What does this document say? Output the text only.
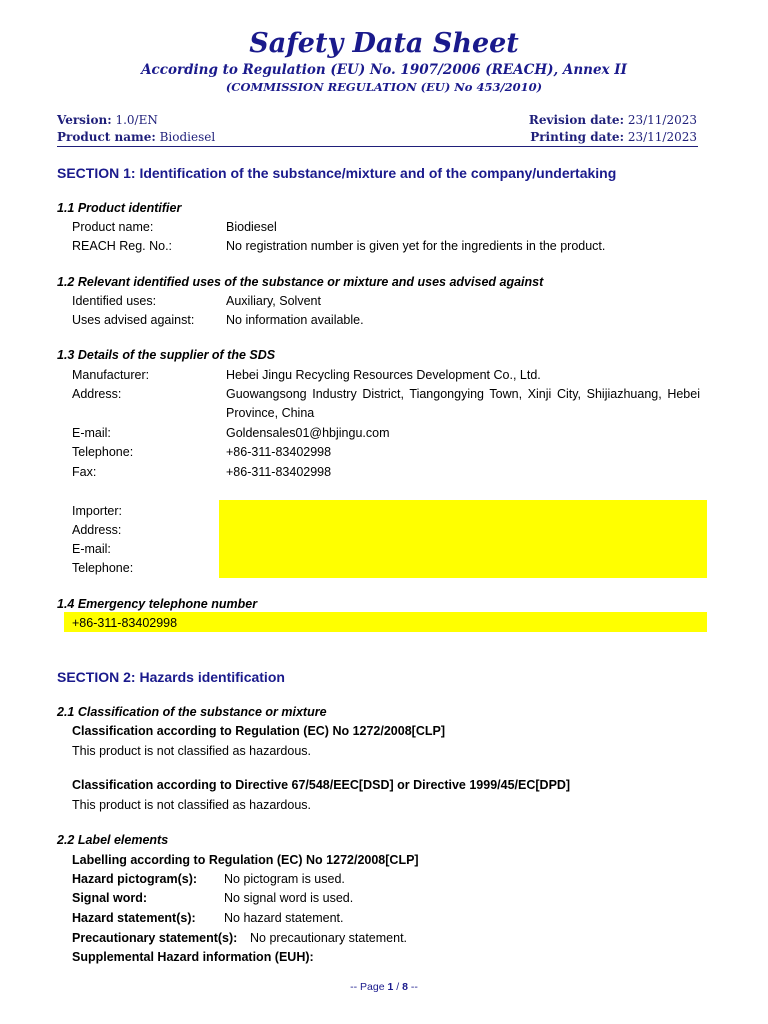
Safety Data Sheet
According to Regulation (EU) No. 1907/2006 (REACH), Annex II
(COMMISSION REGULATION (EU) No 453/2010)
Version: 1.0/EN
Product name: Biodiesel
Revision date: 23/11/2023
Printing date: 23/11/2023
SECTION 1: Identification of the substance/mixture and of the company/undertaking
1.1 Product identifier
Product name:	Biodiesel
REACH Reg. No.:	No registration number is given yet for the ingredients in the product.
1.2 Relevant identified uses of the substance or mixture and uses advised against
Identified uses:	Auxiliary, Solvent
Uses advised against:	No information available.
1.3 Details of the supplier of the SDS
Manufacturer:	Hebei Jingu Recycling Resources Development Co., Ltd.
Address:	Guowangsong Industry District, Tiangongying Town, Xinji City, Shijiazhuang, Hebei Province, China
E-mail:	Goldensales01@hbjingu.com
Telephone:	+86-311-83402998
Fax:	+86-311-83402998
Importer:
Address:
E-mail:
Telephone:
1.4 Emergency telephone number
+86-311-83402998
SECTION 2: Hazards identification
2.1 Classification of the substance or mixture
Classification according to Regulation (EC) No 1272/2008[CLP]
This product is not classified as hazardous.
Classification according to Directive 67/548/EEC[DSD] or Directive 1999/45/EC[DPD]
This product is not classified as hazardous.
2.2 Label elements
Labelling according to Regulation (EC) No 1272/2008[CLP]
Hazard pictogram(s): No pictogram is used.
Signal word:	No signal word is used.
Hazard statement(s): No hazard statement.
Precautionary statement(s): No precautionary statement.
Supplemental Hazard information (EUH):
-- Page 1 / 8 --
